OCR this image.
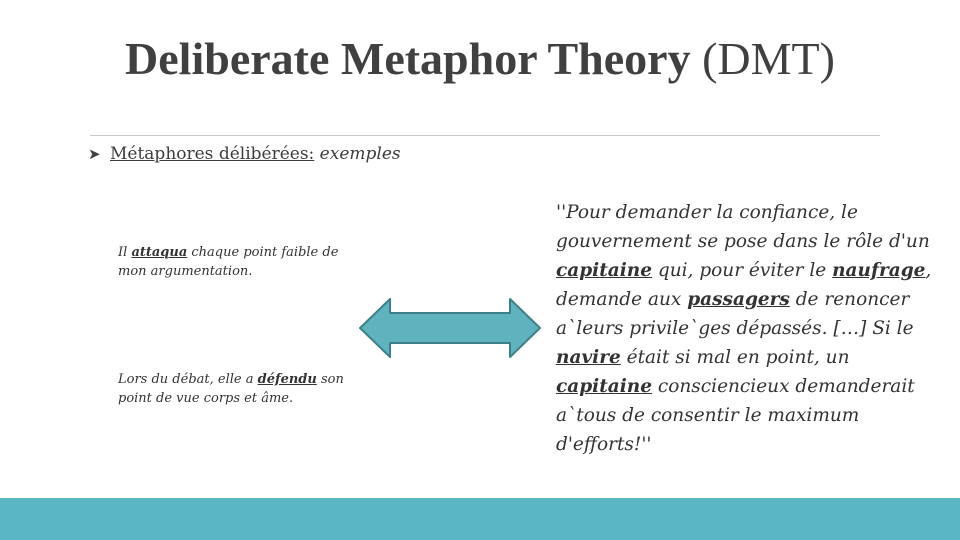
Deliberate Metaphor Theory (DMT)
➤ Métaphores délibérées: exemples
Il attaqua chaque point faible de mon argumentation.
Lors du débat, elle a défendu son point de vue corps et âme.
''Pour demander la confiance, le gouvernement se pose dans le rôle d'un capitaine qui, pour éviter le naufrage, demande aux passagers de renoncer a`leurs privile`ges dépassés. […] Si le navire était si mal en point, un capitaine consciencieux demanderait a`tous de consentir le maximum d'efforts!''
